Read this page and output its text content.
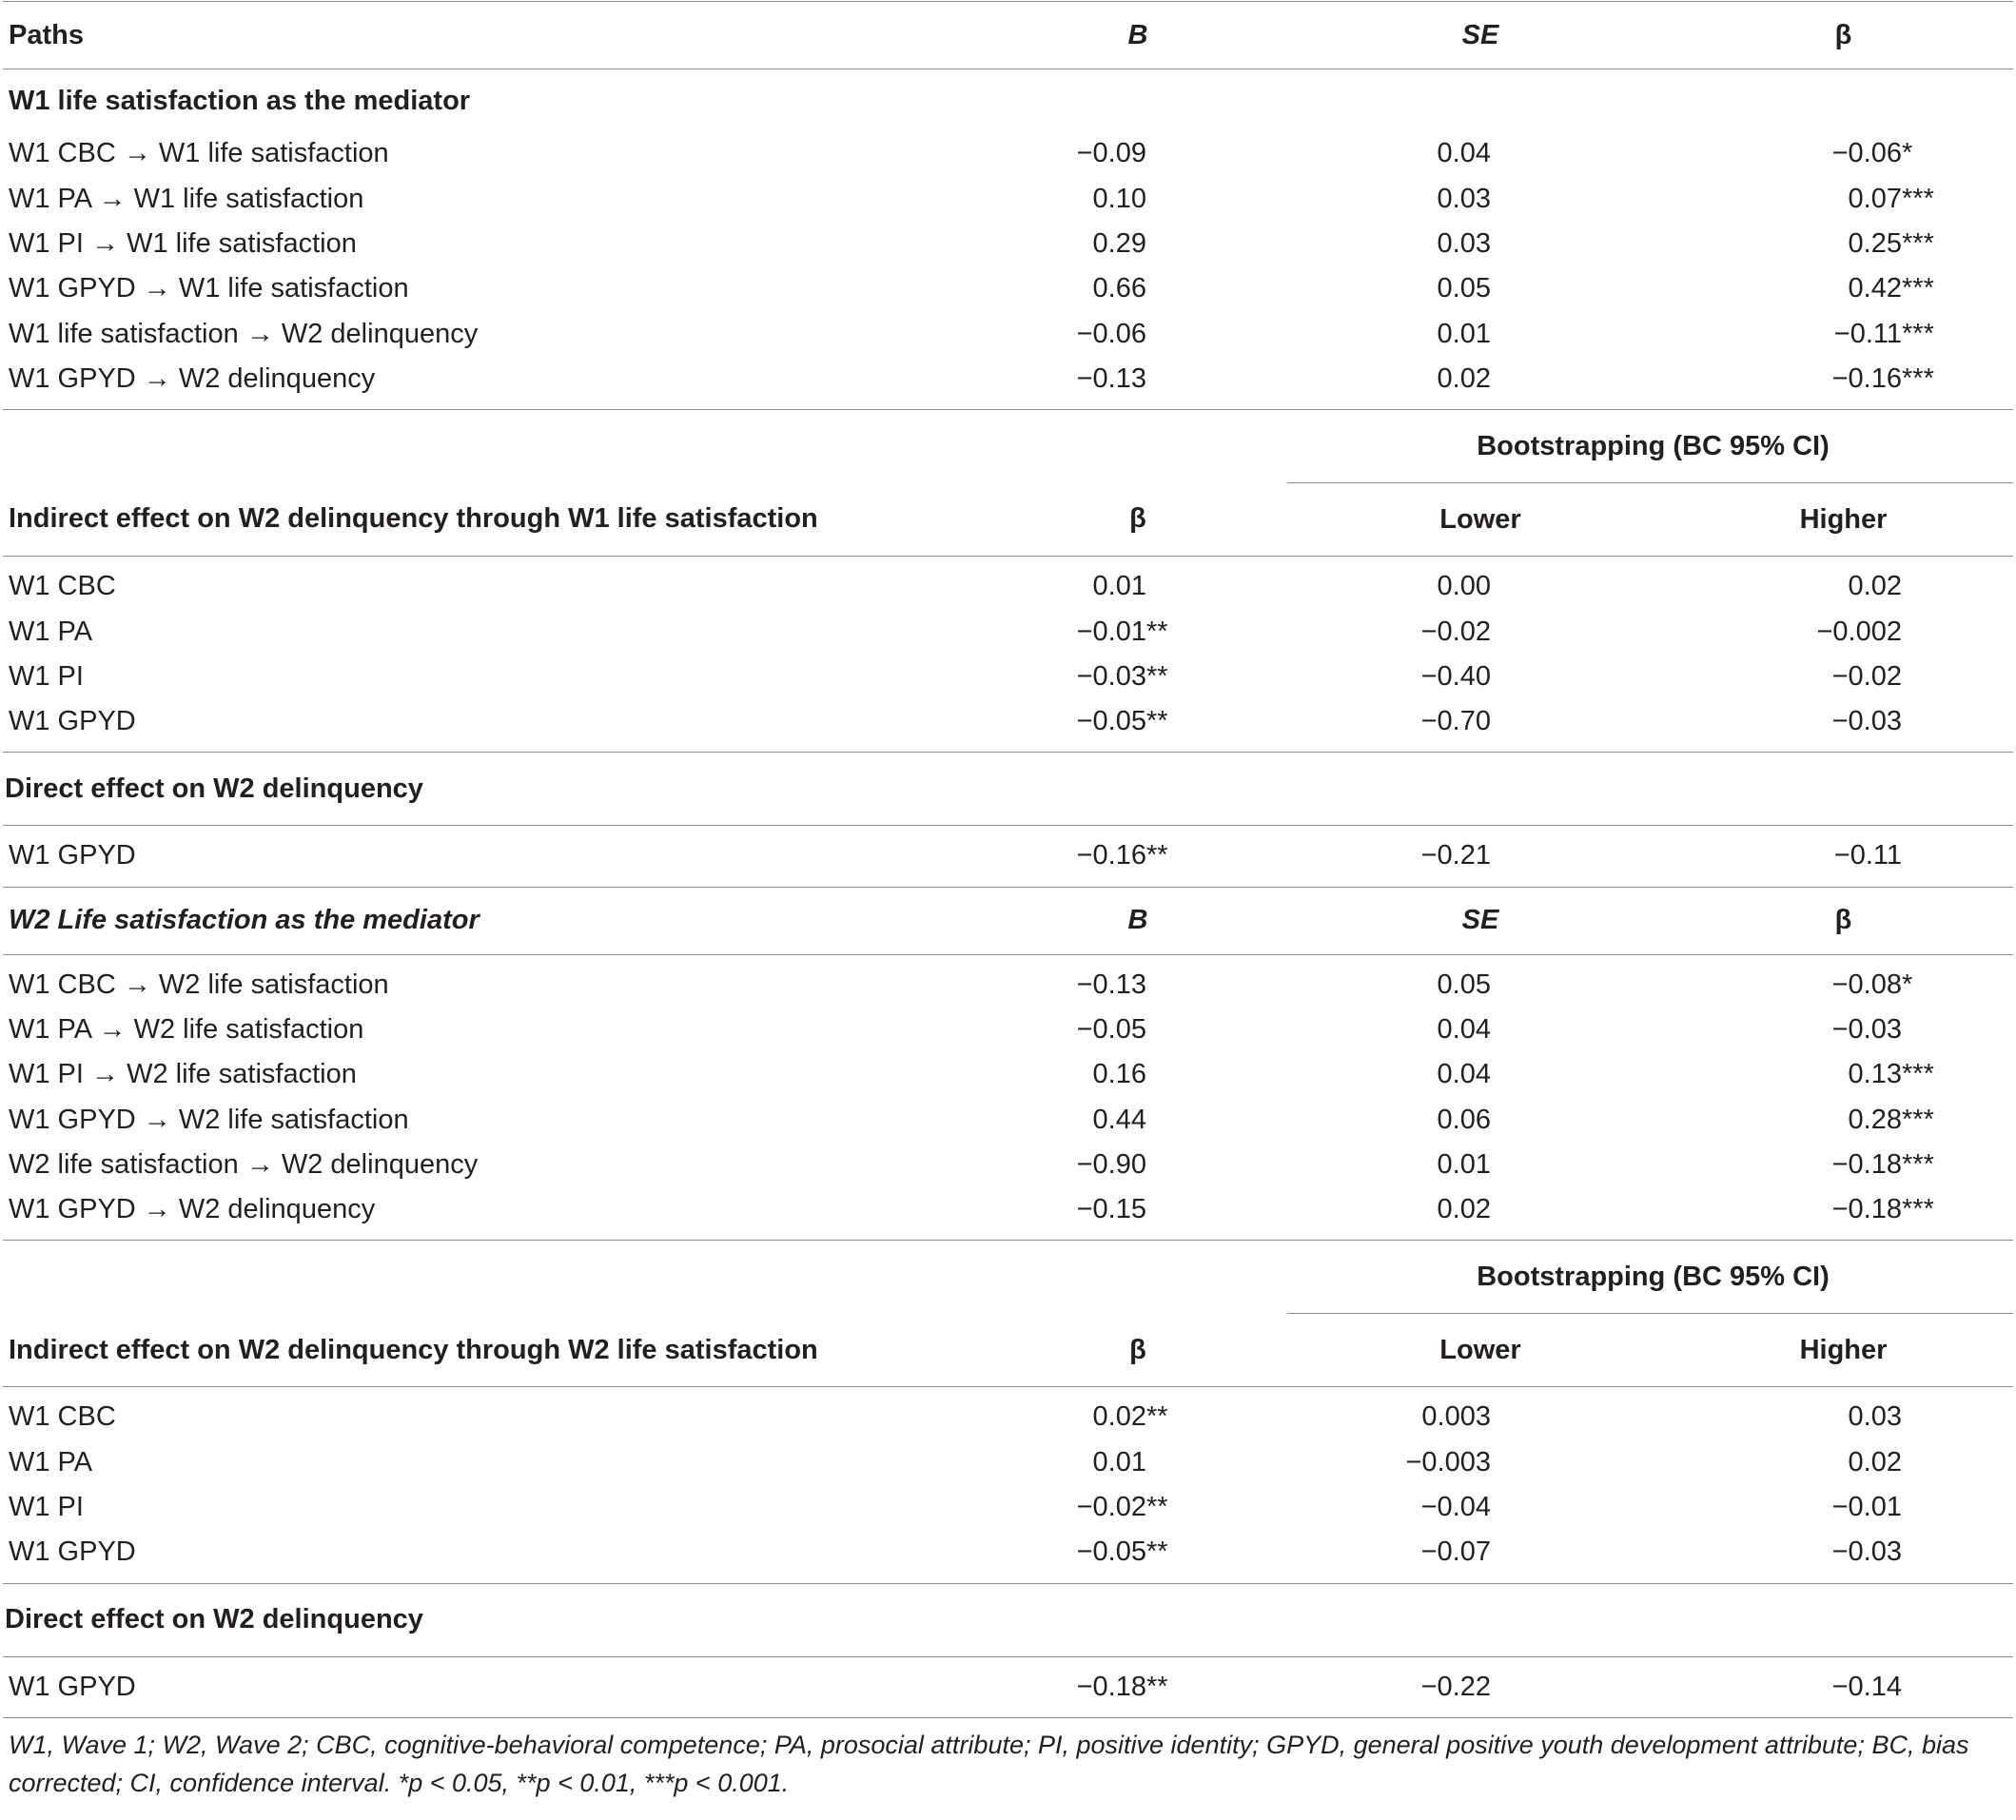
Paths	B	SE	β
W1 life satisfaction as the mediator			
W1 CBC → W1 life satisfaction	−0.09	0.04	−0.06*
W1 PA → W1 life satisfaction	0.10	0.03	0.07***
W1 PI → W1 life satisfaction	0.29	0.03	0.25***
W1 GPYD → W1 life satisfaction	0.66	0.05	0.42***
W1 life satisfaction → W2 delinquency	−0.06	0.01	−0.11***
W1 GPYD → W2 delinquency	−0.13	0.02	−0.16***
		Bootstrapping (BC 95% CI)	
Indirect effect on W2 delinquency through W1 life satisfaction	β	Lower	Higher
W1 CBC	0.01	0.00	0.02
W1 PA	−0.01**	−0.02	−0.002
W1 PI	−0.03**	−0.40	−0.02
W1 GPYD	−0.05**	−0.70	−0.03
Direct effect on W2 delinquency			
W1 GPYD	−0.16**	−0.21	−0.11
W2 Life satisfaction as the mediator	B	SE	β
W1 CBC → W2 life satisfaction	−0.13	0.05	−0.08*
W1 PA → W2 life satisfaction	−0.05	0.04	−0.03
W1 PI → W2 life satisfaction	0.16	0.04	0.13***
W1 GPYD → W2 life satisfaction	0.44	0.06	0.28***
W2 life satisfaction → W2 delinquency	−0.90	0.01	−0.18***
W1 GPYD → W2 delinquency	−0.15	0.02	−0.18***
		Bootstrapping (BC 95% CI)	
Indirect effect on W2 delinquency through W2 life satisfaction	β	Lower	Higher
W1 CBC	0.02**	0.003	0.03
W1 PA	0.01	−0.003	0.02
W1 PI	−0.02**	−0.04	−0.01
W1 GPYD	−0.05**	−0.07	−0.03
Direct effect on W2 delinquency			
W1 GPYD	−0.18**	−0.22	−0.14
W1, Wave 1; W2, Wave 2; CBC, cognitive-behavioral competence; PA, prosocial attribute; PI, positive identity; GPYD, general positive youth development attribute; BC, bias corrected; CI, confidence interval. *p < 0.05, **p < 0.01, ***p < 0.001.
